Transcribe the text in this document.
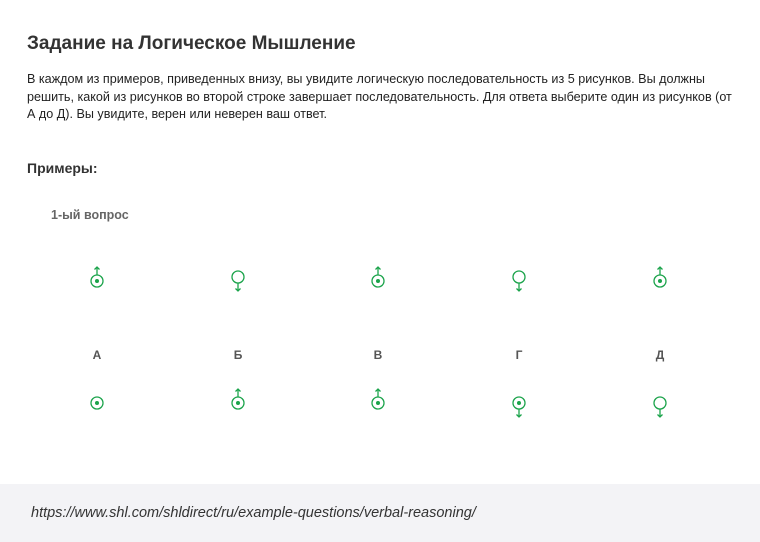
Задание на Логическое Мышление
В каждом из примеров, приведенных внизу, вы увидите логическую последовательность из 5 рисунков. Вы должны решить, какой из рисунков во второй строке завершает последовательность. Для ответа выберите один из рисунков (от А до Д). Вы увидите, верен или неверен ваш ответ.
Примеры:
1-ый вопрос
А	Б	В	Г	Д
https://www.shl.com/shldirect/ru/example-questions/verbal-reasoning/
